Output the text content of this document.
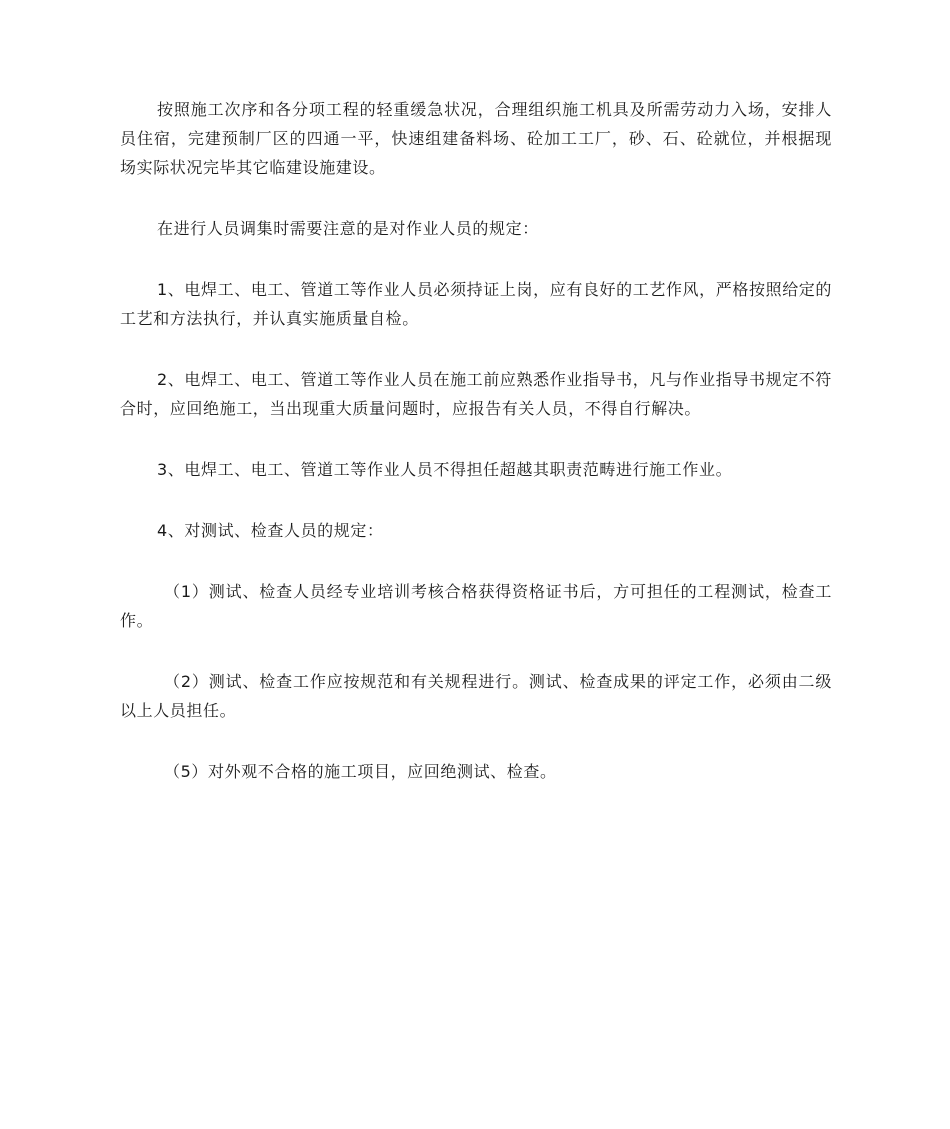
按照施工次序和各分项工程的轻重缓急状况，合理组织施工机具及所需劳动力入场，安排人员住宿，完建预制厂区的四通一平，快速组建备料场、砼加工工厂，砂、石、砼就位，并根据现场实际状况完毕其它临建设施建设。

在进行人员调集时需要注意的是对作业人员的规定：

1、电焊工、电工、管道工等作业人员必须持证上岗，应有良好的工艺作风，严格按照给定的工艺和方法执行，并认真实施质量自检。

2、电焊工、电工、管道工等作业人员在施工前应熟悉作业指导书，凡与作业指导书规定不符合时，应回绝施工，当出现重大质量问题时，应报告有关人员，不得自行解决。

3、电焊工、电工、管道工等作业人员不得担任超越其职责范畴进行施工作业。

4、对测试、检查人员的规定：

（1）测试、检查人员经专业培训考核合格获得资格证书后，方可担任的工程测试，检查工作。

（2）测试、检查工作应按规范和有关规程进行。测试、检查成果的评定工作，必须由二级以上人员担任。

（5）对外观不合格的施工项目，应回绝测试、检查。
